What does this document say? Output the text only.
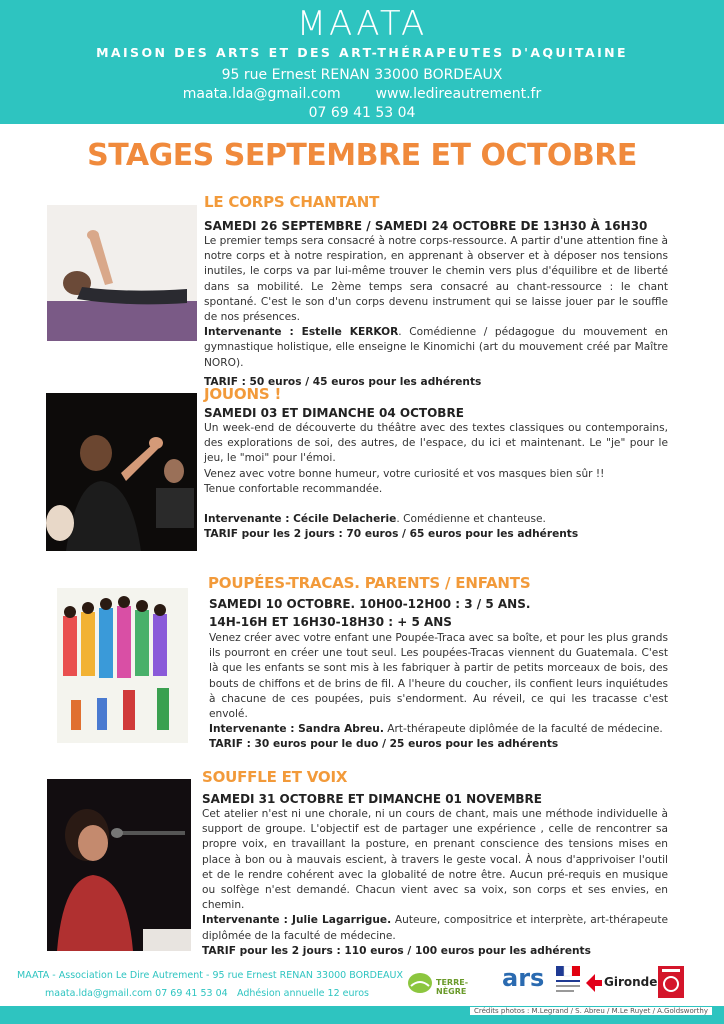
MAATA
MAISON DES ARTS ET DES ART-THÉRAPEUTES D'AQUITAINE
95 rue Ernest RENAN 33000 BORDEAUX
maata.lda@gmail.com www.ledireautrement.fr
07 69 41 53 04
STAGES SEPTEMBRE ET OCTOBRE
LE CORPS CHANTANT
SAMEDI 26 SEPTEMBRE / SAMEDI 24 OCTOBRE DE 13H30 À 16H30

Le premier temps sera consacré à notre corps-ressource. A partir d'une attention fine à notre corps et à notre respiration, en apprenant à observer et à déposer nos tensions inutiles, le corps va par lui-même trouver le chemin vers plus d'équilibre et de liberté dans sa mobilité. Le 2ème temps sera consacré au chant-ressource : le chant spontané. C'est le son d'un corps devenu instrument qui se laisse jouer par le souffle de nos présences.

Intervenante : Estelle KERKOR. Comédienne / pédagogue du mouvement en gymnastique holistique, elle enseigne le Kinomichi (art du mouvement créé par Maître NORO).

TARIF : 50 euros / 45 euros pour les adhérents

JOUONS !
SAMEDI 03 ET DIMANCHE 04 OCTOBRE

Un week-end de découverte du théâtre avec des textes classiques ou contemporains, des explorations de soi, des autres, de l'espace, du ici et maintenant. Le "je" pour le jeu, le "moi" pour l'émoi.

Venez avec votre bonne humeur, votre curiosité et vos masques bien sûr !!

Tenue confortable recommandée.

Intervenante : Cécile Delacherie. Comédienne et chanteuse.

TARIF pour les 2 jours : 70 euros / 65 euros pour les adhérents

POUPÉES-TRACAS. PARENTS / ENFANTS
SAMEDI 10 OCTOBRE. 10H00-12H00 : 3 / 5 ANS.
14H-16H ET 16H30-18H30 : + 5 ANS

Venez créer avec votre enfant une Poupée-Traca avec sa boîte, et pour les plus grands ils pourront en créer une tout seul. Les poupées-Tracas viennent du Guatemala. C'est là que les enfants se sont mis à les fabriquer à partir de petits morceaux de bois, des bouts de chiffons et de brins de fil. A l'heure du coucher, ils confient leurs inquiétudes à chacune de ces poupées, puis s'endorment. Au réveil, ce qui les tracasse c'est envolé.

Intervenante : Sandra Abreu. Art-thérapeute diplômée de la faculté de médecine.

TARIF : 30 euros pour le duo / 25 euros pour les adhérents

SOUFFLE ET VOIX
SAMEDI 31 OCTOBRE ET DIMANCHE 01 NOVEMBRE

Cet atelier n'est ni une chorale, ni un cours de chant, mais une méthode individuelle à support de groupe. L'objectif est de partager une expérience , celle de rencontrer sa propre voix, en travaillant la posture, en prenant conscience des tensions mises en place à bon ou à mauvais escient, à travers le geste vocal. À nous d'apprivoiser l'outil et de le rendre cohérent avec la globalité de notre être. Aucun pré-requis en musique ou solfège n'est demandé. Chacun vient avec sa voix, son corps et ses envies, en chemin.

Intervenante : Julie Lagarrigue. Auteure, compositrice et interprète, art-thérapeute diplômée de la faculté de médecine.

TARIF pour les 2 jours : 110 euros / 100 euros pour les adhérents

MAATA - Association Le Dire Autrement - 95 rue Ernest RENAN 33000 BORDEAUX
maata.lda@gmail.com 07 69 41 53 04 Adhésion annuelle 12 euros
TERRE-NÈGRE	ars	Gironde
Crédits photos : M.Legrand / S. Abreu / M.Le Ruyet / A.Goldsworthy
